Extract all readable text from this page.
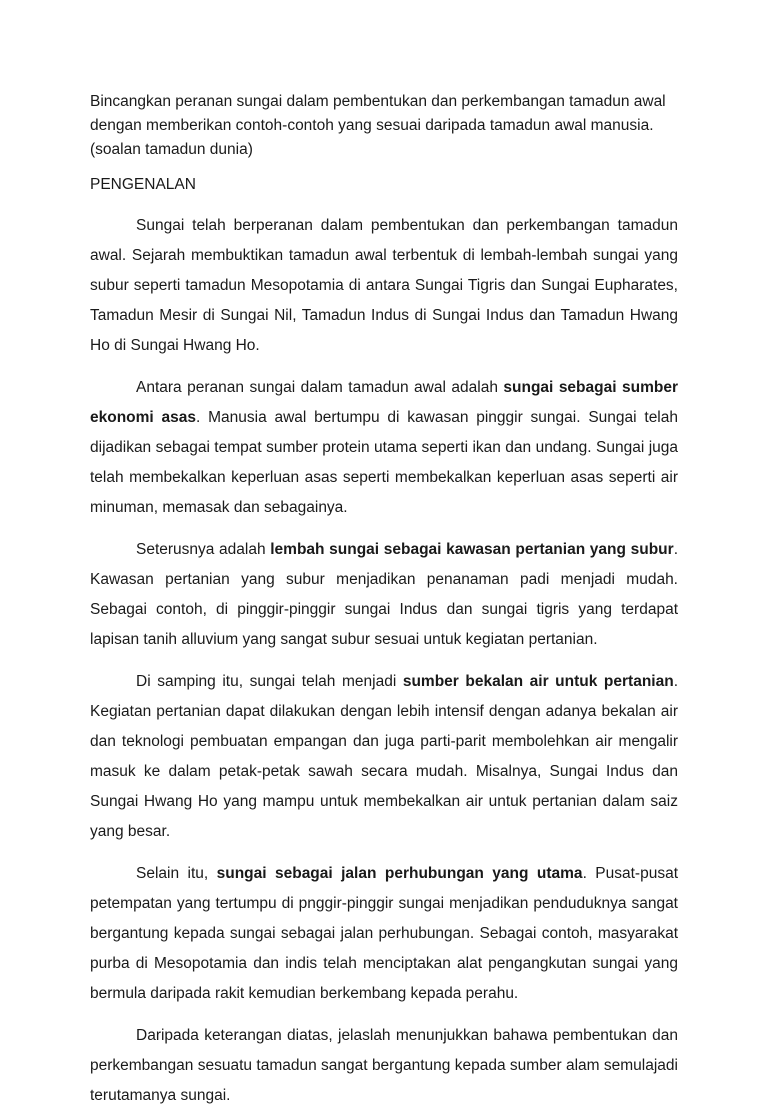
Bincangkan peranan sungai dalam pembentukan dan perkembangan tamadun awal dengan memberikan contoh-contoh yang sesuai daripada tamadun awal manusia. (soalan tamadun dunia)

PENGENALAN

Sungai telah berperanan dalam pembentukan dan perkembangan tamadun awal. Sejarah membuktikan tamadun awal terbentuk di lembah-lembah sungai yang subur seperti tamadun Mesopotamia di antara Sungai Tigris dan Sungai Eupharates, Tamadun Mesir di Sungai Nil, Tamadun Indus di Sungai Indus dan Tamadun Hwang Ho di Sungai Hwang Ho.

Antara peranan sungai dalam tamadun awal adalah sungai sebagai sumber ekonomi asas. Manusia awal bertumpu di kawasan pinggir sungai. Sungai telah dijadikan sebagai tempat sumber protein utama seperti ikan dan undang. Sungai juga telah membekalkan keperluan asas seperti membekalkan keperluan asas seperti air minuman, memasak dan sebagainya.

Seterusnya adalah lembah sungai sebagai kawasan pertanian yang subur. Kawasan pertanian yang subur menjadikan penanaman padi menjadi mudah. Sebagai contoh, di pinggir-pinggir sungai Indus dan sungai tigris yang terdapat lapisan tanih alluvium yang sangat subur sesuai untuk kegiatan pertanian.

Di samping itu, sungai telah menjadi sumber bekalan air untuk pertanian. Kegiatan pertanian dapat dilakukan dengan lebih intensif dengan adanya bekalan air dan teknologi pembuatan empangan dan juga parti-parit membolehkan air mengalir masuk ke dalam petak-petak sawah secara mudah. Misalnya, Sungai Indus dan Sungai Hwang Ho yang mampu untuk membekalkan air untuk pertanian dalam saiz yang besar.

Selain itu, sungai sebagai jalan perhubungan yang utama. Pusat-pusat petempatan yang tertumpu di pnggir-pinggir sungai menjadikan penduduknya sangat bergantung kepada sungai sebagai jalan perhubungan. Sebagai contoh, masyarakat purba di Mesopotamia dan indis telah menciptakan alat pengangkutan sungai yang bermula daripada rakit kemudian berkembang kepada perahu.

Daripada keterangan diatas, jelaslah menunjukkan bahawa pembentukan dan perkembangan sesuatu tamadun sangat bergantung kepada sumber alam semulajadi terutamanya sungai.
